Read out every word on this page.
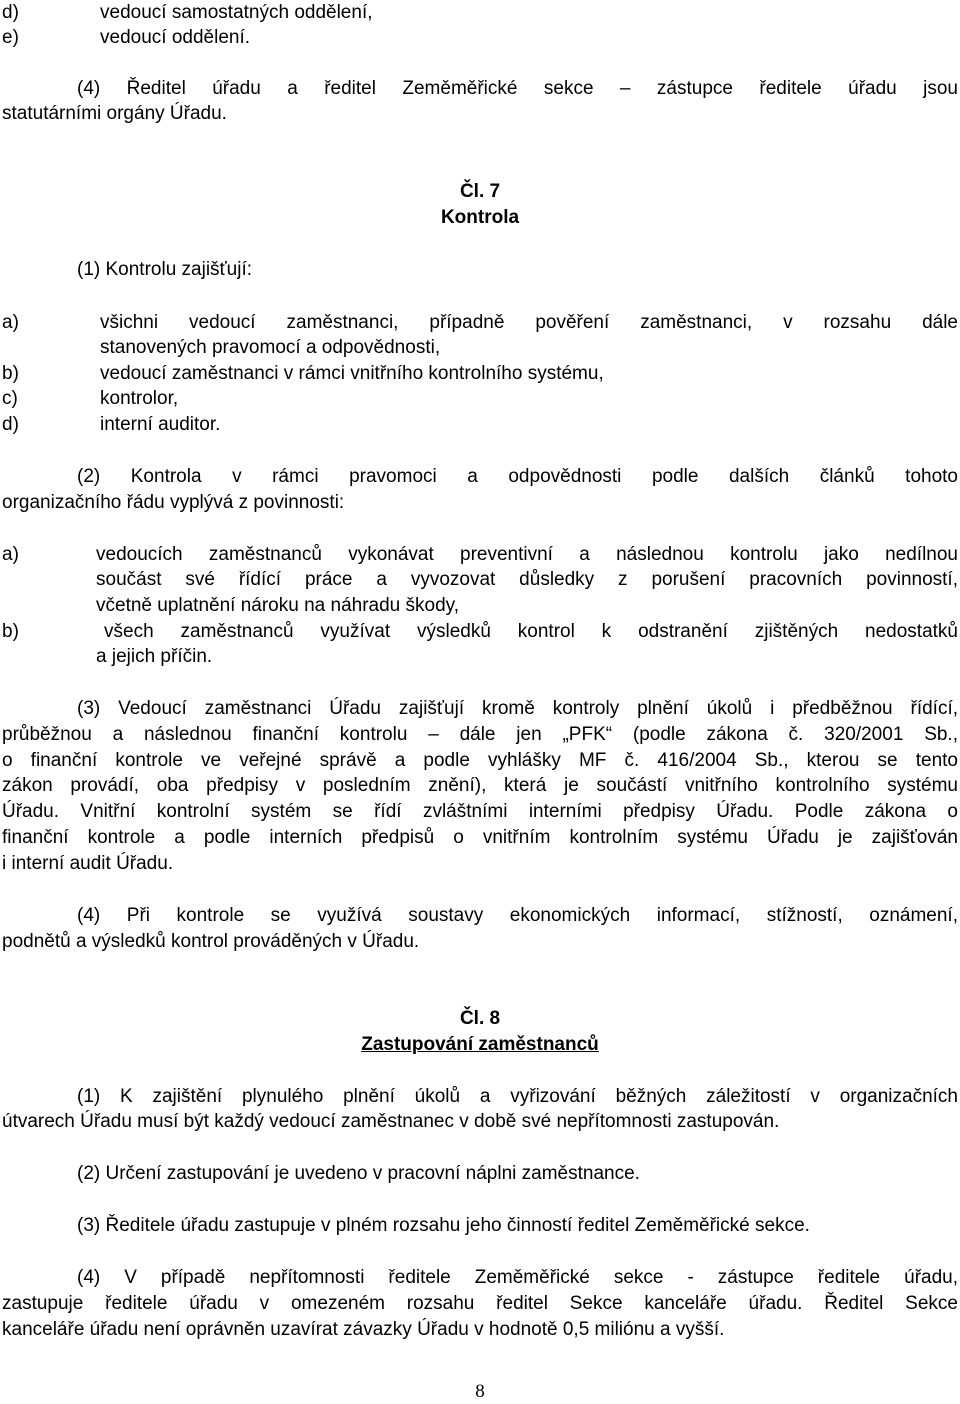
d)	vedoucí samostatných oddělení,
e)	vedoucí oddělení.
(4) Ředitel úřadu a ředitel Zeměměřické sekce – zástupce ředitele úřadu jsou
statutárními orgány Úřadu.
Čl. 7
Kontrola
(1) Kontrolu zajišťují:
a)	všichni vedoucí zaměstnanci, případně pověření zaměstnanci, v rozsahu dále
stanovených pravomocí a odpovědnosti,
b)	vedoucí zaměstnanci v rámci vnitřního kontrolního systému,
c)	kontrolor,
d)	interní auditor.
(2) Kontrola v rámci pravomoci a odpovědnosti podle dalších článků tohoto
organizačního řádu vyplývá z povinnosti:
a)	vedoucích zaměstnanců vykonávat preventivní a následnou kontrolu jako nedílnou
součást své řídící práce a vyvozovat důsledky z porušení pracovních povinností,
včetně uplatnění nároku na náhradu škody,
b)	všech zaměstnanců využívat výsledků kontrol k odstranění zjištěných nedostatků
a jejich příčin.
(3) Vedoucí zaměstnanci Úřadu zajišťují kromě kontroly plnění úkolů i předběžnou řídící,
průběžnou a následnou finanční kontrolu – dále jen „PFK“ (podle zákona č. 320/2001 Sb.,
o finanční kontrole ve veřejné správě a podle vyhlášky MF č. 416/2004 Sb., kterou se tento
zákon provádí, oba předpisy v posledním znění), která je součástí vnitřního kontrolního systému
Úřadu. Vnitřní kontrolní systém se řídí zvláštními interními předpisy Úřadu. Podle zákona o
finanční kontrole a podle interních předpisů o vnitřním kontrolním systému Úřadu je zajišťován
i interní audit Úřadu.
(4) Při kontrole se využívá soustavy ekonomických informací, stížností, oznámení,
podnětů a výsledků kontrol prováděných v Úřadu.
Čl. 8
Zastupování zaměstnanců
(1) K zajištění plynulého plnění úkolů a vyřizování běžných záležitostí v organizačních
útvarech Úřadu musí být každý vedoucí zaměstnanec v době své nepřítomnosti zastupován.
(2) Určení zastupování je uvedeno v pracovní náplni zaměstnance.
(3) Ředitele úřadu zastupuje v plném rozsahu jeho činností ředitel Zeměměřické sekce.
(4) V případě nepřítomnosti ředitele Zeměměřické sekce - zástupce ředitele úřadu,
zastupuje ředitele úřadu v omezeném rozsahu ředitel Sekce kanceláře úřadu. Ředitel Sekce
kanceláře úřadu není oprávněn uzavírat závazky Úřadu v hodnotě 0,5 miliónu a vyšší.
8
